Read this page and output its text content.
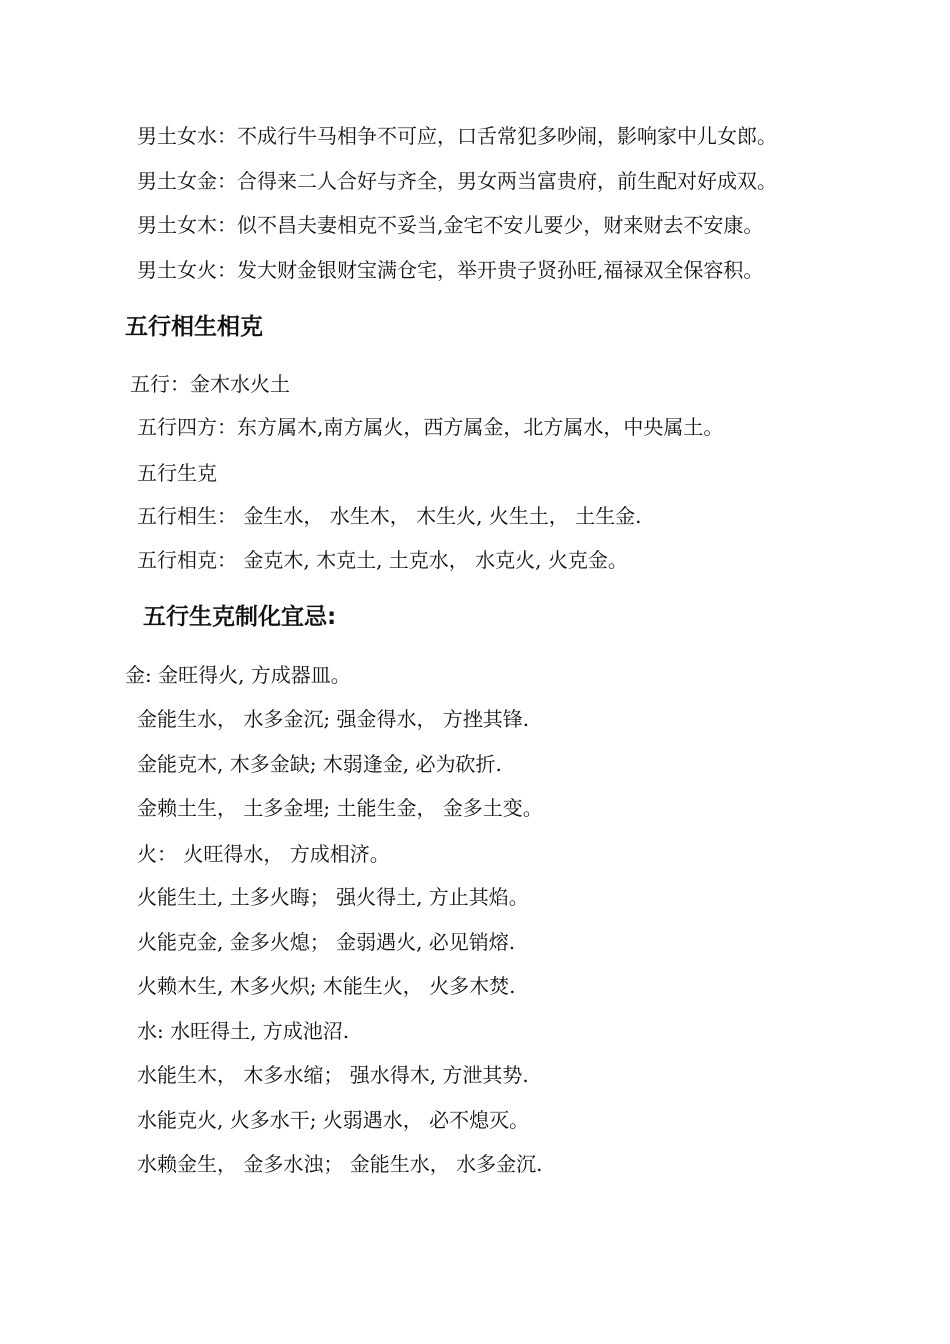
男土女水：不成行牛马相争不可应，口舌常犯多吵闹，影响家中儿女郎。
男土女金：合得来二人合好与齐全，男女两当富贵府，前生配对好成双。
男土女木：似不昌夫妻相克不妥当,金宅不安儿要少，财来财去不安康。
男土女火：发大财金银财宝满仓宅，举开贵子贤孙旺,福禄双全保容积。
五行相生相克
五行：金木水火土
五行四方：东方属木,南方属火，西方属金，北方属水，中央属土。
五行生克
五行相生： 金生水， 水生木， 木生火, 火生土， 土生金.
五行相克： 金克木, 木克土, 土克水， 水克火, 火克金。
五行生克制化宜忌:
金: 金旺得火, 方成器皿。
金能生水， 水多金沉; 强金得水， 方挫其锋.
金能克木, 木多金缺; 木弱逢金, 必为砍折.
金赖土生， 土多金埋; 土能生金， 金多土变。
火： 火旺得水， 方成相济。
火能生土, 土多火晦； 强火得土, 方止其焰。
火能克金, 金多火熄； 金弱遇火, 必见销熔.
火赖木生, 木多火炽; 木能生火， 火多木焚.
水: 水旺得土, 方成池沼.
水能生木， 木多水缩； 强水得木, 方泄其势.
水能克火, 火多水干; 火弱遇水， 必不熄灭。
水赖金生， 金多水浊； 金能生水， 水多金沉.
